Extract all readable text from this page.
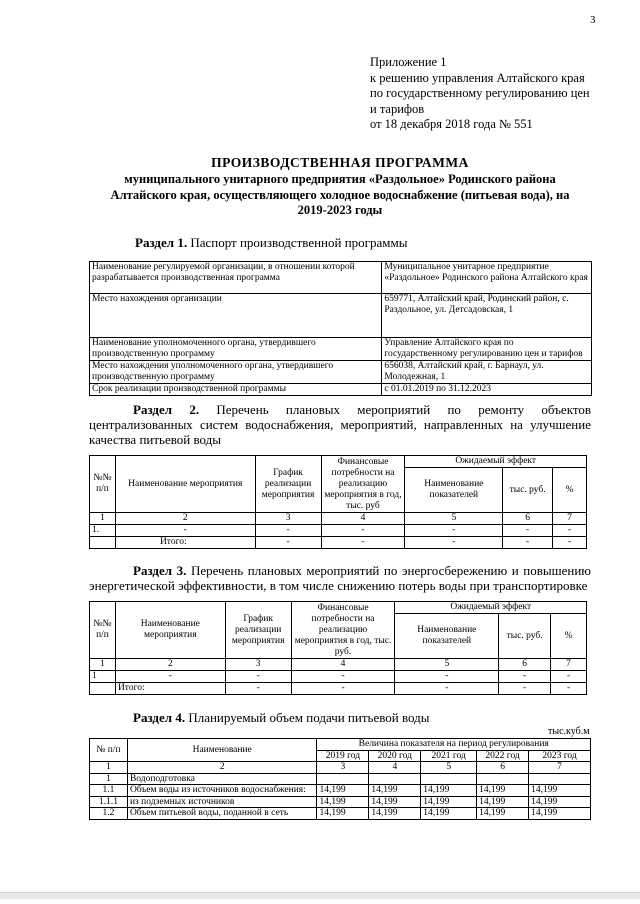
3
Приложение 1
к решению управления Алтайского края
по государственному регулированию цен
и тарифов
от 18 декабря 2018 года № 551
ПРОИЗВОДСТВЕННАЯ ПРОГРАММА
муниципального унитарного предприятия «Раздольное» Родинского района
Алтайского края, осуществляющего холодное водоснабжение (питьевая вода), на
2019-2023 годы
Раздел 1. Паспорт производственной программы
Наименование регулируемой организации, в отношении которой разрабатывается производственная программа	Муниципальное унитарное предприятие «Раздольное» Родинского района Алтайского края
Место нахождения организации	659771, Алтайский край, Родинский район, с. Раздольное, ул. Детсадовская, 1
Наименование уполномоченного органа, утвердившего производственную программу	Управление Алтайского края по государственному регулированию цен и тарифов
Место нахождения уполномоченного органа, утвердившего производственную программу	656038, Алтайский край, г. Барнаул, ул. Молодежная, 1
Срок реализации производственной программы	с 01.01.2019 по 31.12.2023
Раздел 2. Перечень плановых мероприятий по ремонту объектов централизованных систем водоснабжения, мероприятий, направленных на улучшение качества питьевой воды
№№ п/п	Наименование мероприятия	График реализации мероприятия	Финансовые потребности на реализацию мероприятия в год, тыс. руб	Ожидаемый эффект		
				Наименование показателей	тыс. руб.	%
1	2	3	4	5	6	7
1.	-	-	-	-	-	-
	Итого:	-	-	-	-	-
Раздел 3. Перечень плановых мероприятий по энергосбережению и повышению энергетической эффективности, в том числе снижению потерь воды при транспортировке
№№ п/п	Наименование мероприятия	График реализации мероприятия	Финансовые потребности на реализацию мероприятия в год, тыс. руб.	Ожидаемый эффект		
				Наименование показателей	тыс. руб.	%
1	2	3	4	5	6	7
1	-	-	-	-	-	-
	Итого:	-	-	-	-	-
Раздел 4. Планируемый объем подачи питьевой воды
тыс.куб.м
№ п/п	Наименование	Величина показателя на период регулирования				
		2019 год	2020 год	2021 год	2022 год	2023 год
1	2	3	4	5	6	7
1	Водоподготовка					
1.1	Объем воды из источников водоснабжения:	14,199	14,199	14,199	14,199	14,199
1.1.1	из подземных источников	14,199	14,199	14,199	14,199	14,199
1.2	Объем питьевой воды, поданной в сеть	14,199	14,199	14,199	14,199	14,199
